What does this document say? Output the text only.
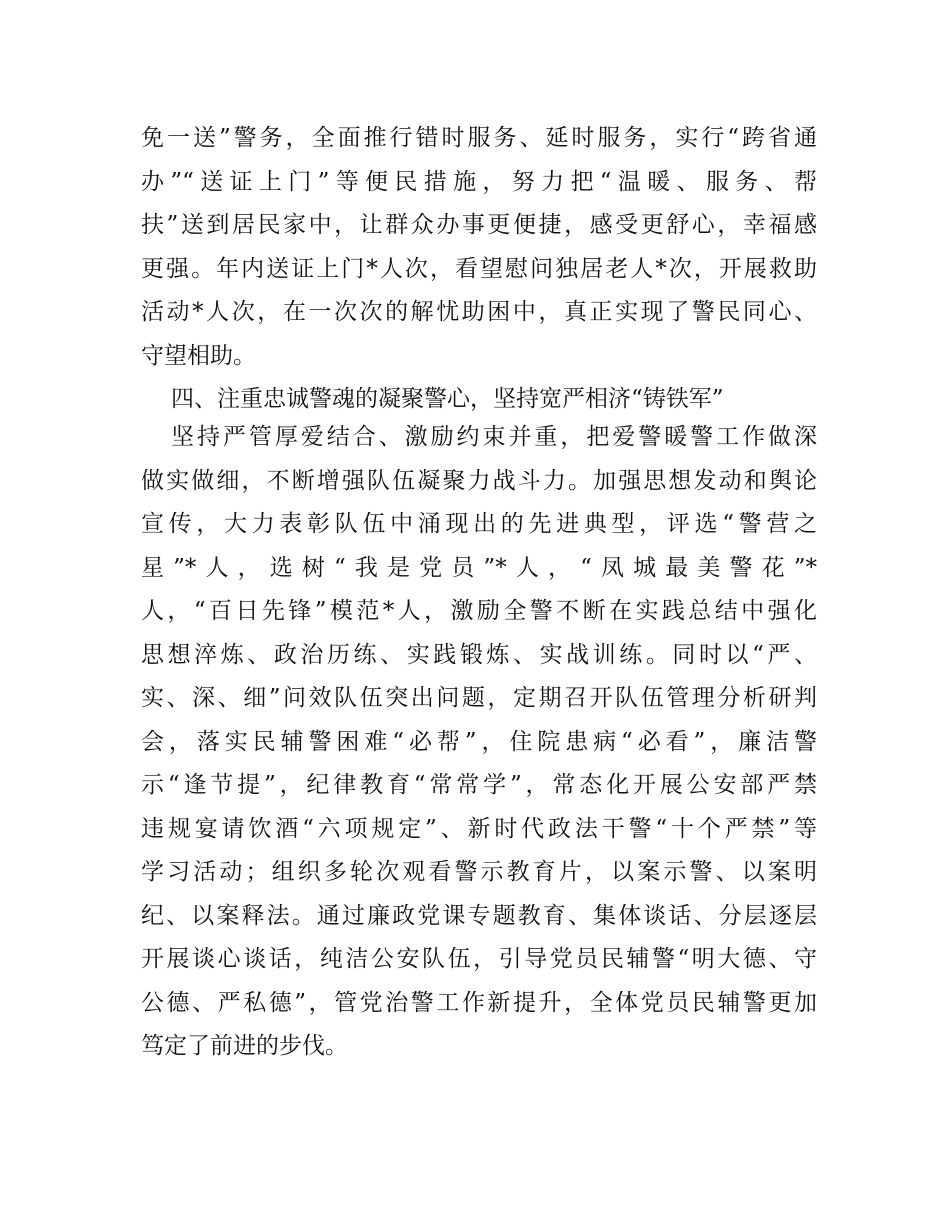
免一送”警务，全面推行错时服务、延时服务，实行“跨省通
办”“送证上门”等便民措施，努力把“温暖、服务、帮
扶”送到居民家中，让群众办事更便捷，感受更舒心，幸福感
更强。年内送证上门*人次，看望慰问独居老人*次，开展救助
活动*人次，在一次次的解忧助困中，真正实现了警民同心、
守望相助。
四、注重忠诚警魂的凝聚警心，坚持宽严相济“铸铁军”
坚持严管厚爱结合、激励约束并重，把爱警暖警工作做深
做实做细，不断增强队伍凝聚力战斗力。加强思想发动和舆论
宣传，大力表彰队伍中涌现出的先进典型，评选“警营之
星”*人，选树“我是党员”*人，“凤城最美警花”*
人，“百日先锋”模范*人，激励全警不断在实践总结中强化
思想淬炼、政治历练、实践锻炼、实战训练。同时以“严、
实、深、细”问效队伍突出问题，定期召开队伍管理分析研判
会，落实民辅警困难“必帮”，住院患病“必看”，廉洁警
示“逢节提”，纪律教育“常常学”，常态化开展公安部严禁
违规宴请饮酒“六项规定”、新时代政法干警“十个严禁”等
学习活动；组织多轮次观看警示教育片，以案示警、以案明
纪、以案释法。通过廉政党课专题教育、集体谈话、分层逐层
开展谈心谈话，纯洁公安队伍，引导党员民辅警“明大德、守
公德、严私德”，管党治警工作新提升，全体党员民辅警更加
笃定了前进的步伐。
